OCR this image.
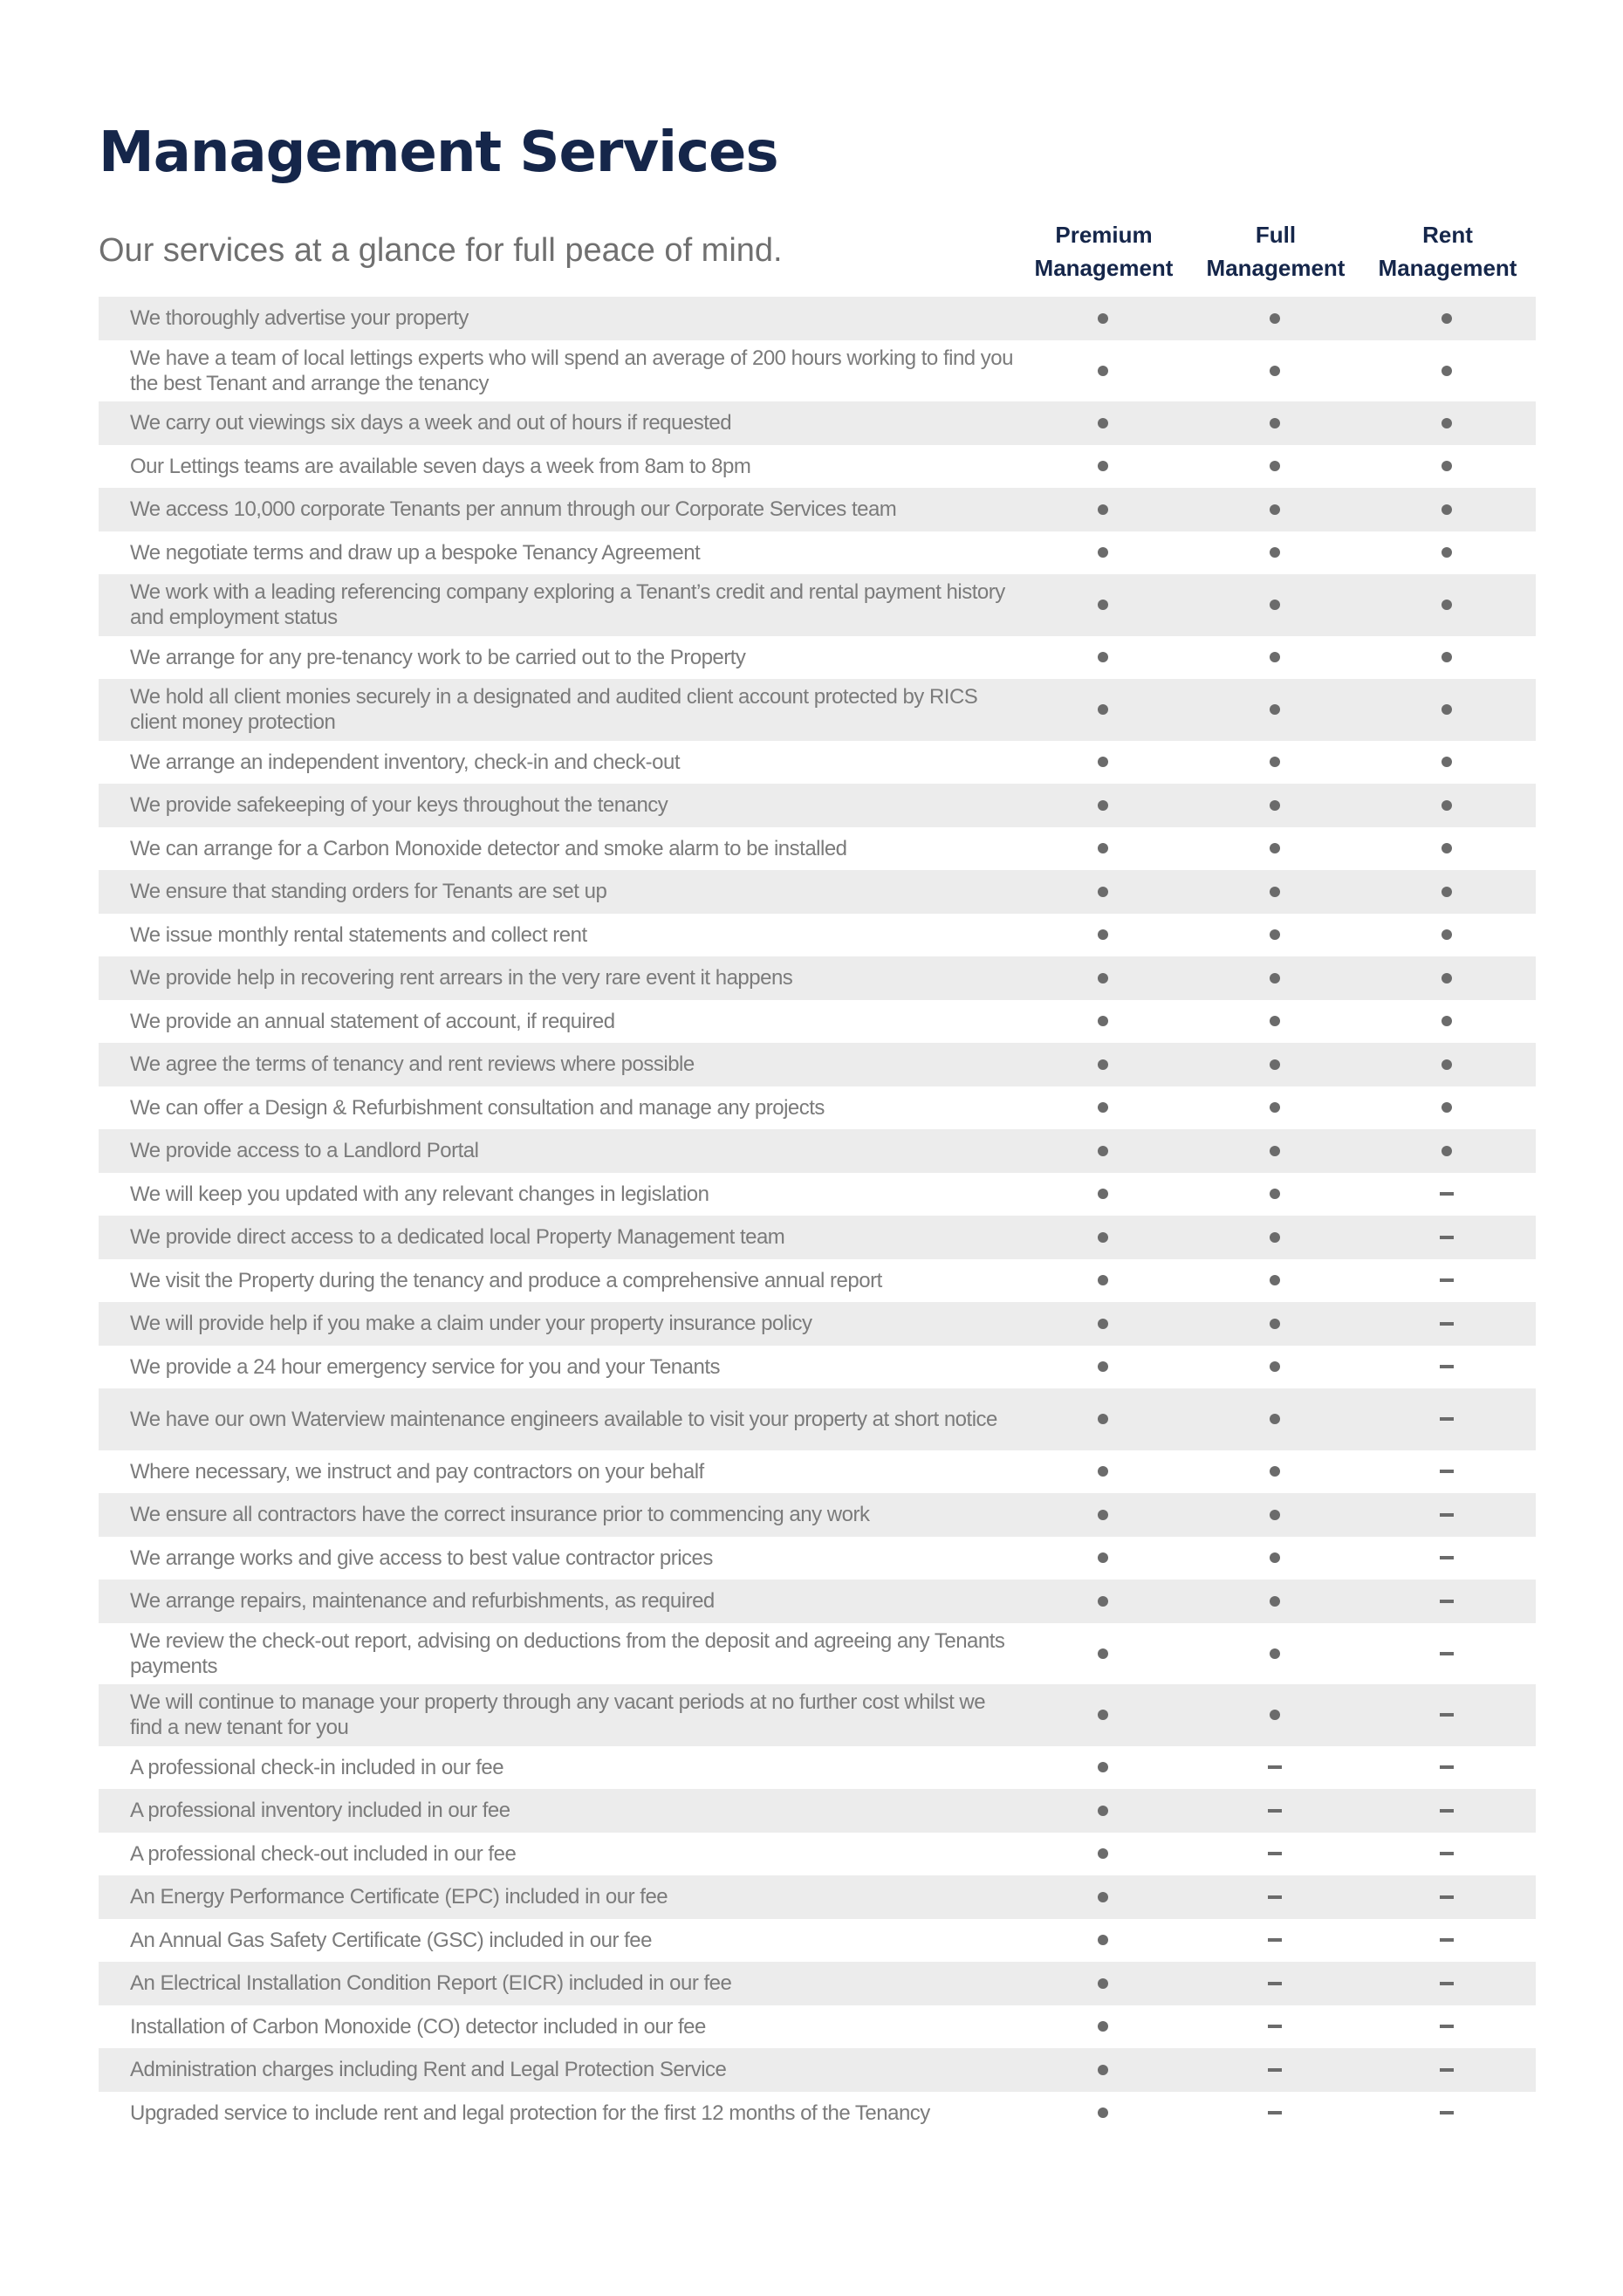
Management Services
Our services at a glance for full peace of mind.	Premium
Management
Full
Management
Rent
Management
We thoroughly advertise your property
We have a team of local lettings experts who will spend an average of 200 hours working to find you the best Tenant and arrange the tenancy
We carry out viewings six days a week and out of hours if requested
Our Lettings teams are available seven days a week from 8am to 8pm
We access 10,000 corporate Tenants per annum through our Corporate Services team
We negotiate terms and draw up a bespoke Tenancy Agreement
We work with a leading referencing company exploring a Tenant’s credit and rental payment history and employment status
We arrange for any pre-tenancy work to be carried out to the Property
We hold all client monies securely in a designated and audited client account protected by RICS client money protection
We arrange an independent inventory, check-in and check-out
We provide safekeeping of your keys throughout the tenancy
We can arrange for a Carbon Monoxide detector and smoke alarm to be installed
We ensure that standing orders for Tenants are set up
We issue monthly rental statements and collect rent
We provide help in recovering rent arrears in the very rare event it happens
We provide an annual statement of account, if required
We agree the terms of tenancy and rent reviews where possible
We can offer a Design & Refurbishment consultation and manage any projects
We provide access to a Landlord Portal
We will keep you updated with any relevant changes in legislation
We provide direct access to a dedicated local Property Management team
We visit the Property during the tenancy and produce a comprehensive annual report
We will provide help if you make a claim under your property insurance policy
We provide a 24 hour emergency service for you and your Tenants
We have our own Waterview maintenance engineers available to visit your property at short notice
Where necessary, we instruct and pay contractors on your behalf
We ensure all contractors have the correct insurance prior to commencing any work
We arrange works and give access to best value contractor prices
We arrange repairs, maintenance and refurbishments, as required
We review the check-out report, advising on deductions from the deposit and agreeing any Tenants payments
We will continue to manage your property through any vacant periods at no further cost whilst we find a new tenant for you
A professional check-in included in our fee
A professional inventory included in our fee
A professional check-out included in our fee
An Energy Performance Certificate (EPC) included in our fee
An Annual Gas Safety Certificate (GSC) included in our fee
An Electrical Installation Condition Report (EICR) included in our fee
Installation of Carbon Monoxide (CO) detector included in our fee
Administration charges including Rent and Legal Protection Service
Upgraded service to include rent and legal protection for the first 12 months of the Tenancy
